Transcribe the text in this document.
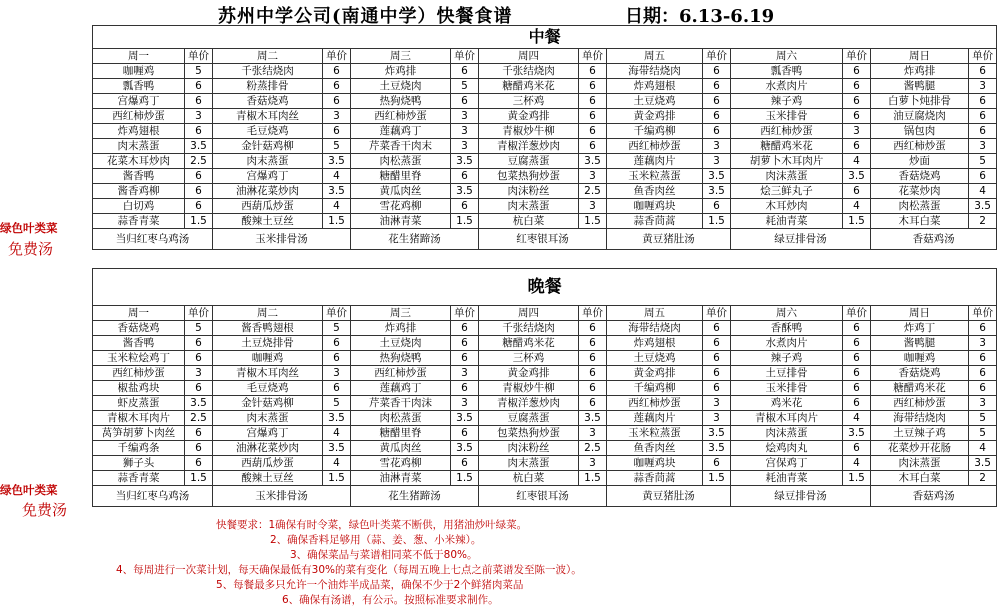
苏州中学公司(南通中学）快餐食谱	日期：6.13-6.19
中餐													
周一	单价	周二	单价	周三	单价	周四	单价	周五	单价	周六	单价	周日	单价
咖喱鸡	5	千张结烧肉	6	炸鸡排	6	千张结烧肉	6	海带结烧肉	6	瓢香鸭	6	炸鸡排	6
瓢香鸭	6	粉蒸排骨	6	土豆烧肉	5	糖醋鸡米花	6	炸鸡翅根	6	水煮肉片	6	酱鸭腿	3
宫爆鸡丁	6	香菇烧鸡	6	热狗烧鸭	6	三杯鸡	6	土豆烧鸡	6	辣子鸡	6	白萝卜炖排骨	6
西红柿炒蛋	3	青椒木耳肉丝	3	西红柿炒蛋	3	黄金鸡排	6	黄金鸡排	6	玉米排骨	6	油豆腐烧肉	6
炸鸡翅根	6	毛豆烧鸡	6	莲藕鸡丁	3	青椒炒牛柳	6	千编鸡柳	6	西红柿炒蛋	3	锅包肉	6
肉末蒸蛋	3.5	金针菇鸡柳	5	芹菜香干肉末	3	青椒洋葱炒肉	6	西红柿炒蛋	3	糖醋鸡米花	6	西红柿炒蛋	3
花菜木耳炒肉	2.5	肉末蒸蛋	3.5	肉松蒸蛋	3.5	豆腐蒸蛋	3.5	莲藕肉片	3	胡萝卜木耳肉片	4	炒面	5
酱香鸭	6	宫爆鸡丁	4	糖醋里脊	6	包菜热狗炒蛋	3	玉米粒蒸蛋	3.5	肉沫蒸蛋	3.5	香菇烧鸡	6
酱香鸡柳	6	油淋花菜炒肉	3.5	黄瓜肉丝	3.5	肉沫粉丝	2.5	鱼香肉丝	3.5	烩三鲜丸子	6	花菜炒肉	4
白切鸡	6	西葫瓜炒蛋	4	雪花鸡柳	6	肉末蒸蛋	3	咖喱鸡块	6	木耳炒肉	4	肉松蒸蛋	3.5
蒜香青菜	1.5	酸辣土豆丝	1.5	油淋青菜	1.5	杭白菜	1.5	蒜香茼蒿	1.5	耗油青菜	1.5	木耳白菜	2
当归红枣乌鸡汤		玉米排骨汤		花生猪蹄汤		红枣银耳汤		黄豆猪肚汤		绿豆排骨汤		香菇鸡汤	

晚餐													
周一	单价	周二	单价	周三	单价	周四	单价	周五	单价	周六	单价	周日	单价
香菇烧鸡	5	酱香鸭翅根	5	炸鸡排	6	千张结烧肉	6	海带结烧肉	6	香酥鸭	6	炸鸡丁	6
酱香鸭	6	土豆烧排骨	6	土豆烧肉	6	糖醋鸡米花	6	炸鸡翅根	6	水煮肉片	6	酱鸭腿	3
玉米粒烩鸡丁	6	咖喱鸡	6	热狗烧鸭	6	三杯鸡	6	土豆烧鸡	6	辣子鸡	6	咖喱鸡	6
西红柿炒蛋	3	青椒木耳肉丝	3	西红柿炒蛋	3	黄金鸡排	6	黄金鸡排	6	土豆排骨	6	香菇烧鸡	6
椒盐鸡块	6	毛豆烧鸡	6	莲藕鸡丁	6	青椒炒牛柳	6	千编鸡柳	6	玉米排骨	6	糖醋鸡米花	6
虾皮蒸蛋	3.5	金针菇鸡柳	5	芹菜香干肉沫	3	青椒洋葱炒肉	6	西红柿炒蛋	3	鸡米花	6	西红柿炒蛋	3
青椒木耳肉片	2.5	肉末蒸蛋	3.5	肉松蒸蛋	3.5	豆腐蒸蛋	3.5	莲藕肉片	3	青椒木耳肉片	4	海带结烧肉	5
莴笋胡萝卜肉丝	6	宫爆鸡丁	4	糖醋里脊	6	包菜热狗炒蛋	3	玉米粒蒸蛋	3.5	肉沫蒸蛋	3.5	土豆辣子鸡	5
千编鸡条	6	油淋花菜炒肉	3.5	黄瓜肉丝	3.5	肉沫粉丝	2.5	鱼香肉丝	3.5	烩鸡肉丸	6	花菜炒开花肠	4
狮子头	6	西葫瓜炒蛋	4	雪花鸡柳	6	肉末蒸蛋	3	咖喱鸡块	6	宫保鸡丁	4	肉沫蒸蛋	3.5
蒜香青菜	1.5	酸辣土豆丝	1.5	油淋青菜	1.5	杭白菜	1.5	蒜香茼蒿	1.5	耗油青菜	1.5	木耳白菜	2
当归红枣乌鸡汤		玉米排骨汤		花生猪蹄汤		红枣银耳汤		黄豆猪肚汤		绿豆排骨汤		香菇鸡汤	
绿色叶类菜
免费汤
绿色叶类菜
免费汤
快餐要求：1确保有时令菜，绿色叶类菜不断供，用猪油炒叶绿菜。
2、确保香料足够用（蒜、姜、葱、小米辣）。
3、确保菜品与菜谱相同菜不低于80%。
4、每周进行一次菜计划，每天确保最低有30%的菜有变化（每周五晚上七点之前菜谱发至陈一波）。
5、每餐最多只允许一个油炸半成品菜，确保不少于2个鲜猪肉菜品
6、确保有汤谱，有公示。按照标准要求制作。
